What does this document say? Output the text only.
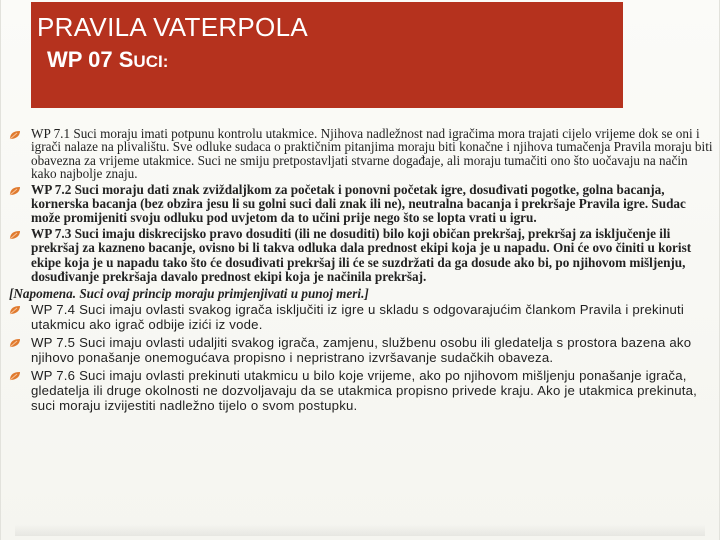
PRAVILA VATERPOLA
WP 07 SUCI:
WP 7.1 Suci moraju imati potpunu kontrolu utakmice. Njihova nadležnost nad igračima mora trajati cijelo vrijeme dok se oni i igrači nalaze na plivalištu. Sve odluke sudaca o praktičnim pitanjima moraju biti konačne i njihova tumačenja Pravila moraju biti obavezna za vrijeme utakmice. Suci ne smiju pretpostavljati stvarne događaje, ali moraju tumačiti ono što uočavaju na način kako najbolje znaju.
WP 7.2 Suci moraju dati znak zviždaljkom za početak i ponovni početak igre, dosuđivati pogotke, golna bacanja, kornerska bacanja (bez obzira jesu li su golni suci dali znak ili ne), neutralna bacanja i prekršaje Pravila igre. Sudac može promijeniti svoju odluku pod uvjetom da to učini prije nego što se lopta vrati u igru.
WP 7.3 Suci imaju diskrecijsko pravo dosuditi (ili ne dosuditi) bilo koji običan prekršaj, prekršaj za isključenje ili prekršaj za kazneno bacanje, ovisno bi li takva odluka dala prednost ekipi koja je u napadu. Oni će ovo činiti u korist ekipe koja je u napadu tako što će dosuđivati prekršaj ili će se suzdržati da ga dosude ako bi, po njihovom mišljenju, dosuđivanje prekršaja davalo prednost ekipi koja je načinila prekršaj.
[Napomena. Suci ovaj princip moraju primjenjivati u punoj meri.]
WP 7.4 Suci imaju ovlasti svakog igrača isključiti iz igre u skladu s odgovarajućim člankom Pravila i prekinuti utakmicu ako igrač odbije izići iz vode.
WP 7.5 Suci imaju ovlasti udaljiti svakog igrača, zamjenu, službenu osobu ili gledatelja s prostora bazena ako njihovo ponašanje onemogućava propisno i nepristrano izvršavanje sudačkih obaveza.
WP 7.6 Suci imaju ovlasti prekinuti utakmicu u bilo koje vrijeme, ako po njihovom mišljenju ponašanje igrača, gledatelja ili druge okolnosti ne dozvoljavaju da se utakmica propisno privede kraju. Ako je utakmica prekinuta, suci moraju izvijestiti nadležno tijelo o svom postupku.
